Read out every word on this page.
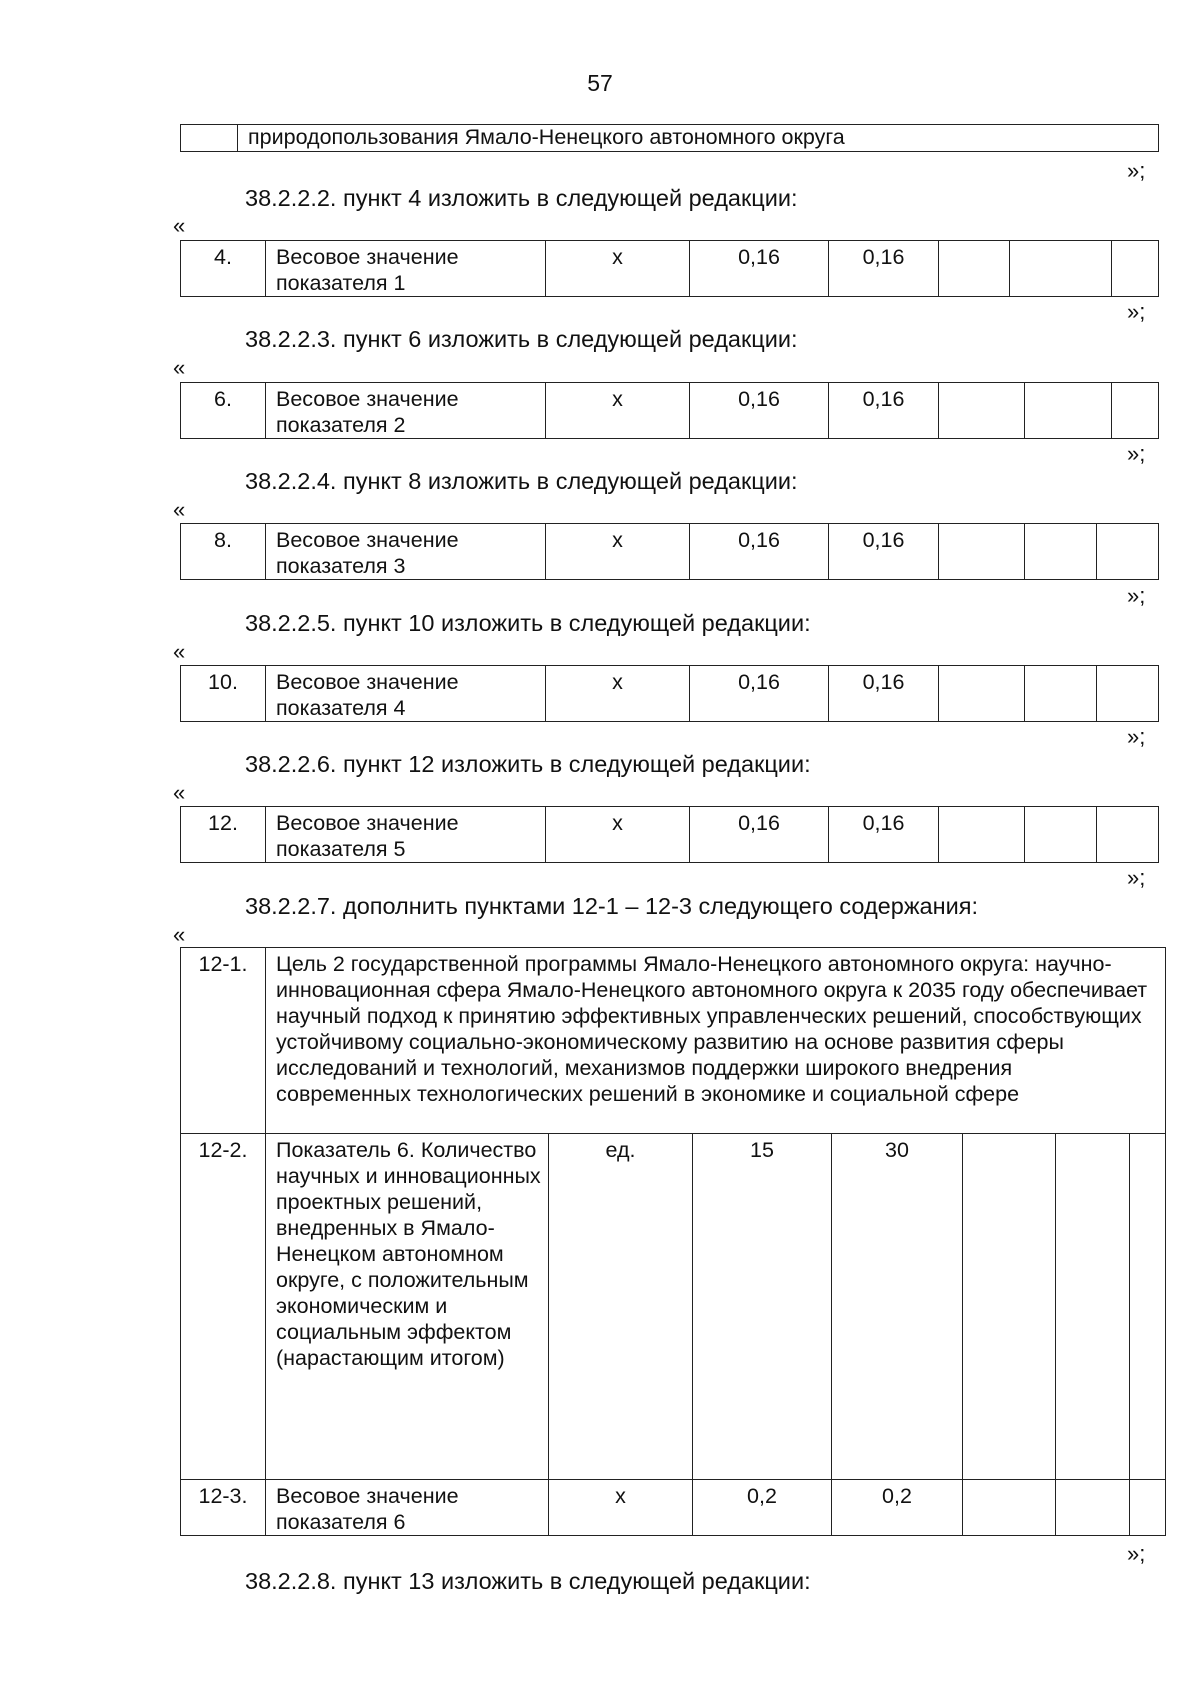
57
	природопользования Ямало-Ненецкого автономного округа
»;
38.2.2.2. пункт 4 изложить в следующей редакции:
«
4.	Весовое значение показателя 1	х	0,16	0,16			
»;
38.2.2.3. пункт 6 изложить в следующей редакции:
«
6.	Весовое значение показателя 2	х	0,16	0,16			
»;
38.2.2.4. пункт 8 изложить в следующей редакции:
«
8.	Весовое значение показателя 3	х	0,16	0,16			
»;
38.2.2.5. пункт 10 изложить в следующей редакции:
«
10.	Весовое значение показателя 4	х	0,16	0,16			
»;
38.2.2.6. пункт 12 изложить в следующей редакции:
«
12.	Весовое значение показателя 5	х	0,16	0,16			
»;
38.2.2.7. дополнить пунктами 12-1 – 12-3 следующего содержания:
«
12-1.	Цель 2 государственной программы Ямало-Ненецкого автономного округа: научно-инновационная сфера Ямало-Ненецкого автономного округа к 2035 году обеспечивает научный подход к принятию эффективных управленческих решений, способствующих устойчивому социально-экономическому развитию на основе развития сферы исследований и технологий, механизмов поддержки широкого внедрения современных технологических решений в экономике и социальной сфере						
12-2.	Показатель 6. Количество научных и инновационных проектных решений, внедренных в Ямало-Ненецком автономном округе, с положительным экономическим и социальным эффектом (нарастающим итогом)	ед.	15	30			
12-3.	Весовое значение показателя 6	х	0,2	0,2			
»;
38.2.2.8. пункт 13 изложить в следующей редакции:
